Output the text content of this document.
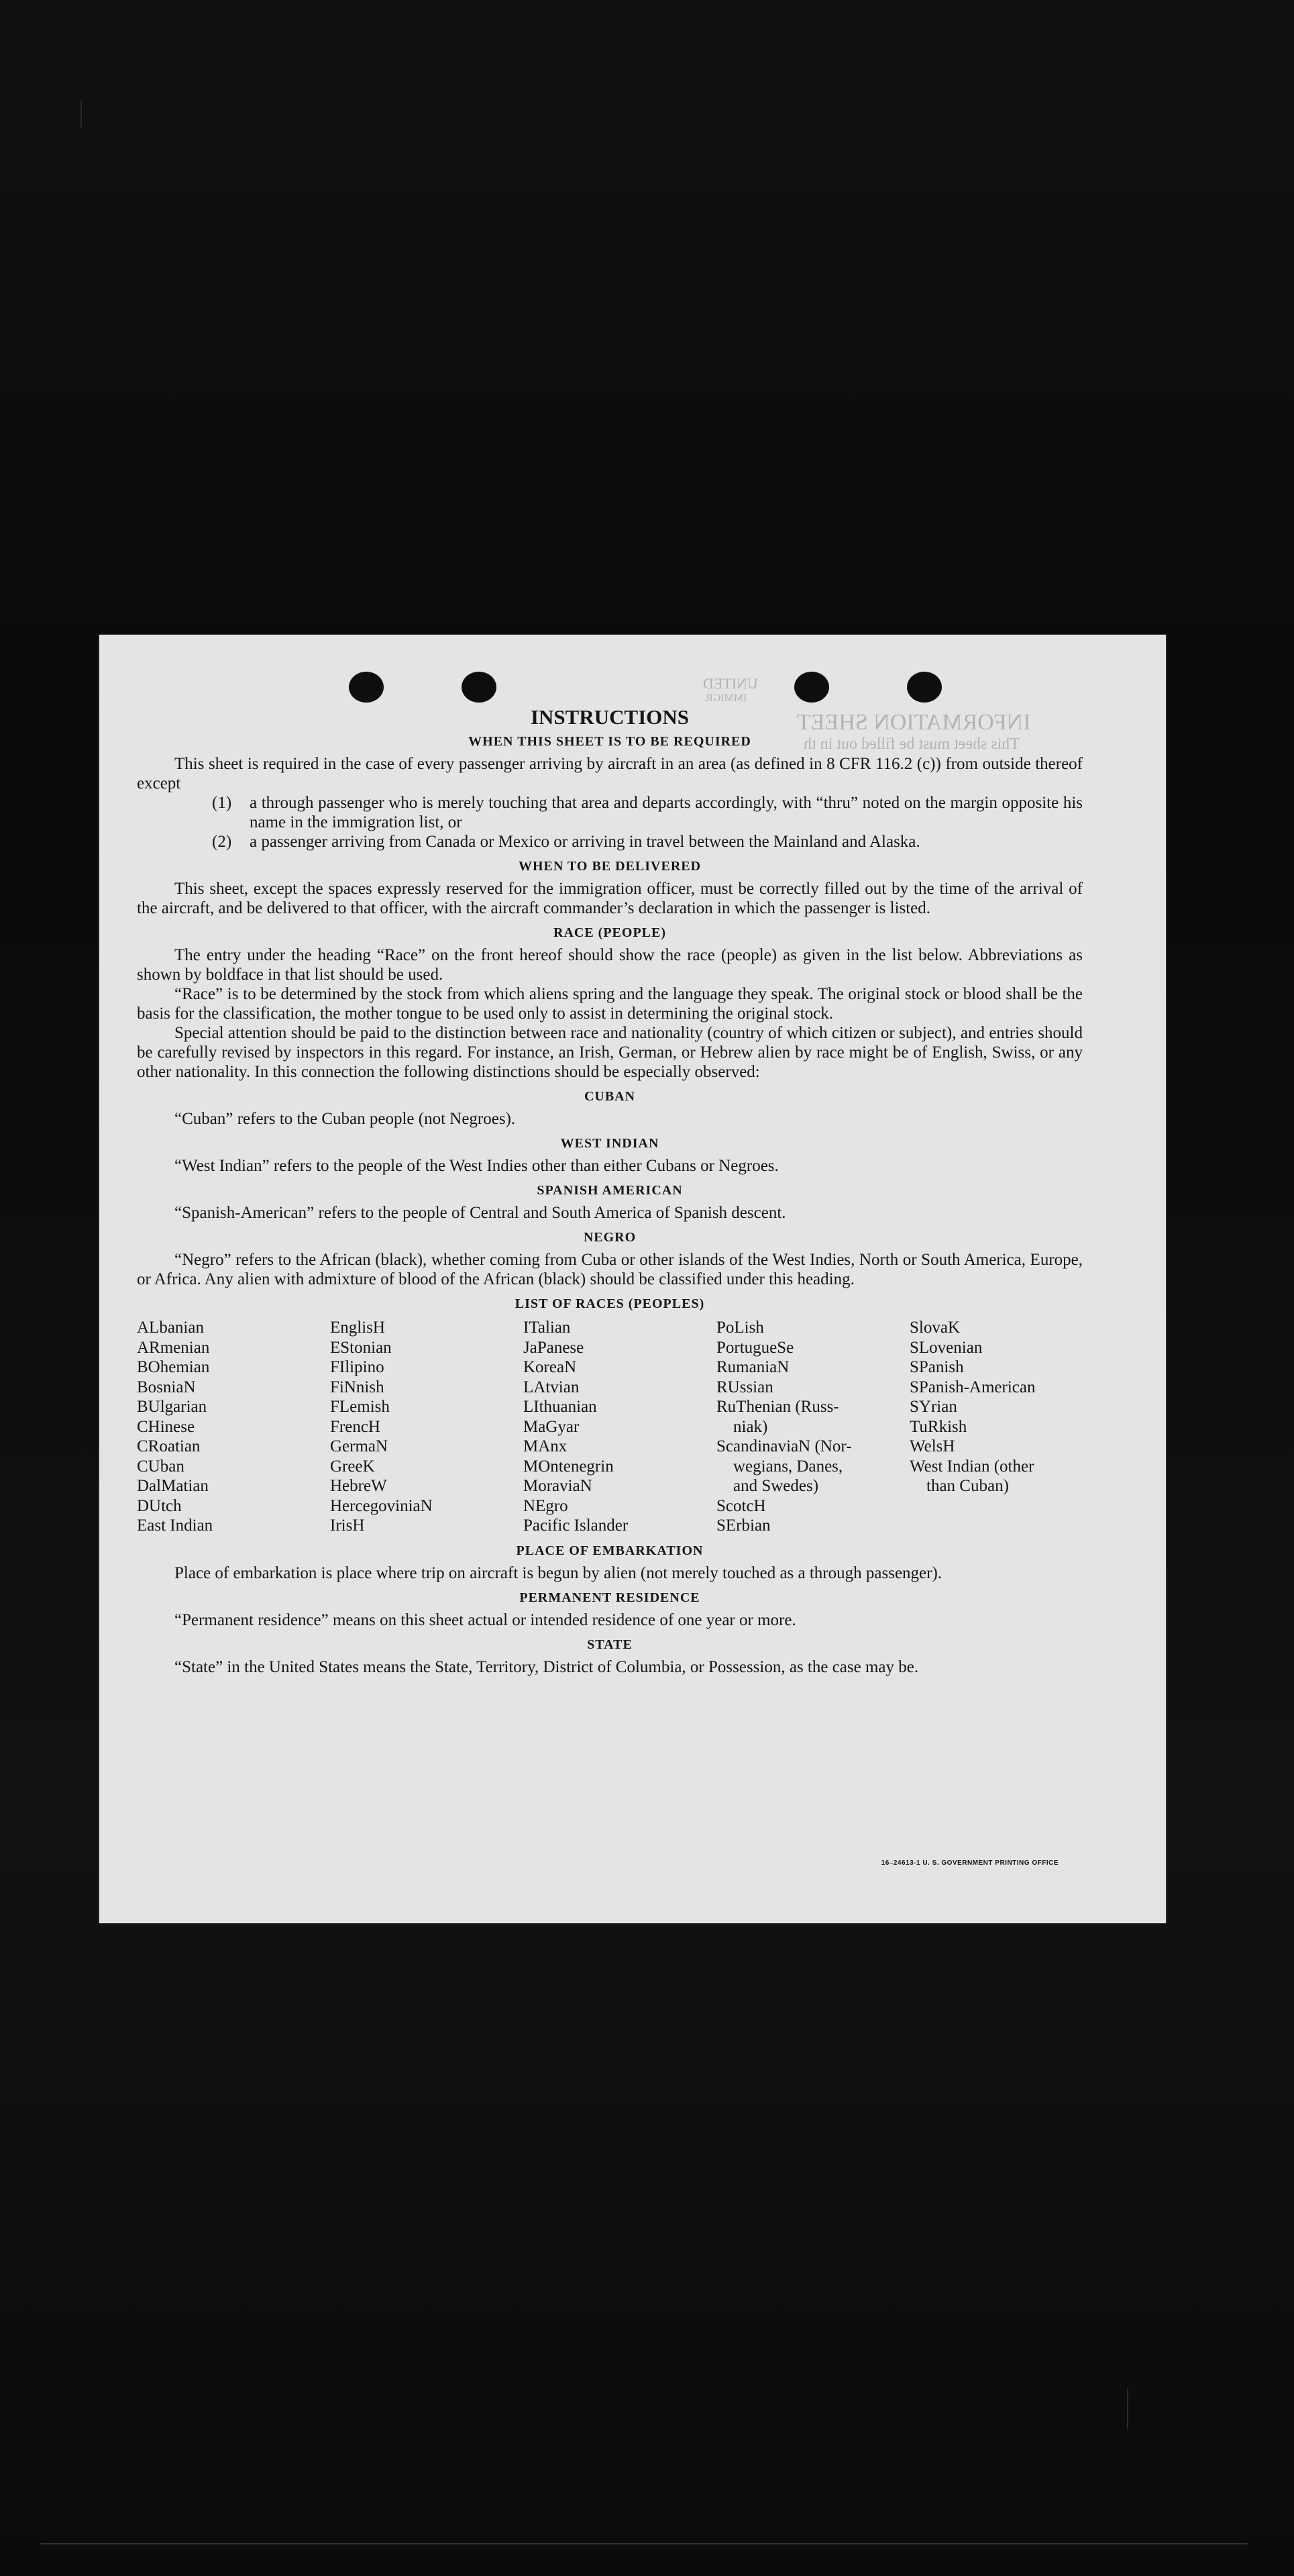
UNITED
IMMIGR.
INFORMATION SHEET
This sheet must be filled out in th
INSTRUCTIONS
WHEN THIS SHEET IS TO BE REQUIRED

This sheet is required in the case of every passenger arriving by aircraft in an area (as defined in 8 CFR 116.2 (c)) from outside thereof except

(1)	a through passenger who is merely touching that area and departs accordingly, with “thru” noted on the margin opposite his name in the immigration list, or
(2)	a passenger arriving from Canada or Mexico or arriving in travel between the Mainland and Alaska.
WHEN TO BE DELIVERED

This sheet, except the spaces expressly reserved for the immigration officer, must be correctly filled out by the time of the arrival of the aircraft, and be delivered to that officer, with the aircraft commander’s declaration in which the passenger is listed.

RACE (PEOPLE)

The entry under the heading “Race” on the front hereof should show the race (people) as given in the list below. Abbreviations as shown by boldface in that list should be used.

“Race” is to be determined by the stock from which aliens spring and the language they speak. The original stock or blood shall be the basis for the classification, the mother tongue to be used only to assist in determining the original stock.

Special attention should be paid to the distinction between race and nationality (country of which citizen or subject), and entries should be carefully revised by inspectors in this regard. For instance, an Irish, German, or Hebrew alien by race might be of English, Swiss, or any other nationality. In this connection the following distinctions should be especially observed:

CUBAN

“Cuban” refers to the Cuban people (not Negroes).

WEST INDIAN

“West Indian” refers to the people of the West Indies other than either Cubans or Negroes.

SPANISH AMERICAN

“Spanish-American” refers to the people of Central and South America of Spanish descent.

NEGRO

“Negro” refers to the African (black), whether coming from Cuba or other islands of the West Indies, North or South America, Europe, or Africa. Any alien with admixture of blood of the African (black) should be classified under this heading.

LIST OF RACES (PEOPLES)
ALbanian
ARmenian
BOhemian
BosniaN
BUlgarian
CHinese
CRoatian
CUban
DalMatian
DUtch
East Indian
EnglisH
EStonian
FIlipino
FiNnish
FLemish
FrencH
GermaN
GreeK
HebreW
HercegoviniaN
IrisH
ITalian
JaPanese
KoreaN
LAtvian
LIthuanian
MaGyar
MAnx
MOntenegrin
MoraviaN
NEgro
Pacific Islander
PoLish
PortugueSe
RumaniaN
RUssian
RuThenian (Russ-
niak)
ScandinaviaN (Nor-
wegians, Danes,
and Swedes)
ScotcH
SErbian
SlovaK
SLovenian
SPanish
SPanish-American
SYrian
TuRkish
WelsH
West Indian (other
than Cuban)
PLACE OF EMBARKATION

Place of embarkation is place where trip on aircraft is begun by alien (not merely touched as a through passenger).

PERMANENT RESIDENCE

“Permanent residence” means on this sheet actual or intended residence of one year or more.

STATE

“State” in the United States means the State, Territory, District of Columbia, or Possession, as the case may be.

16–24613-1 U. S. GOVERNMENT PRINTING OFFICE
